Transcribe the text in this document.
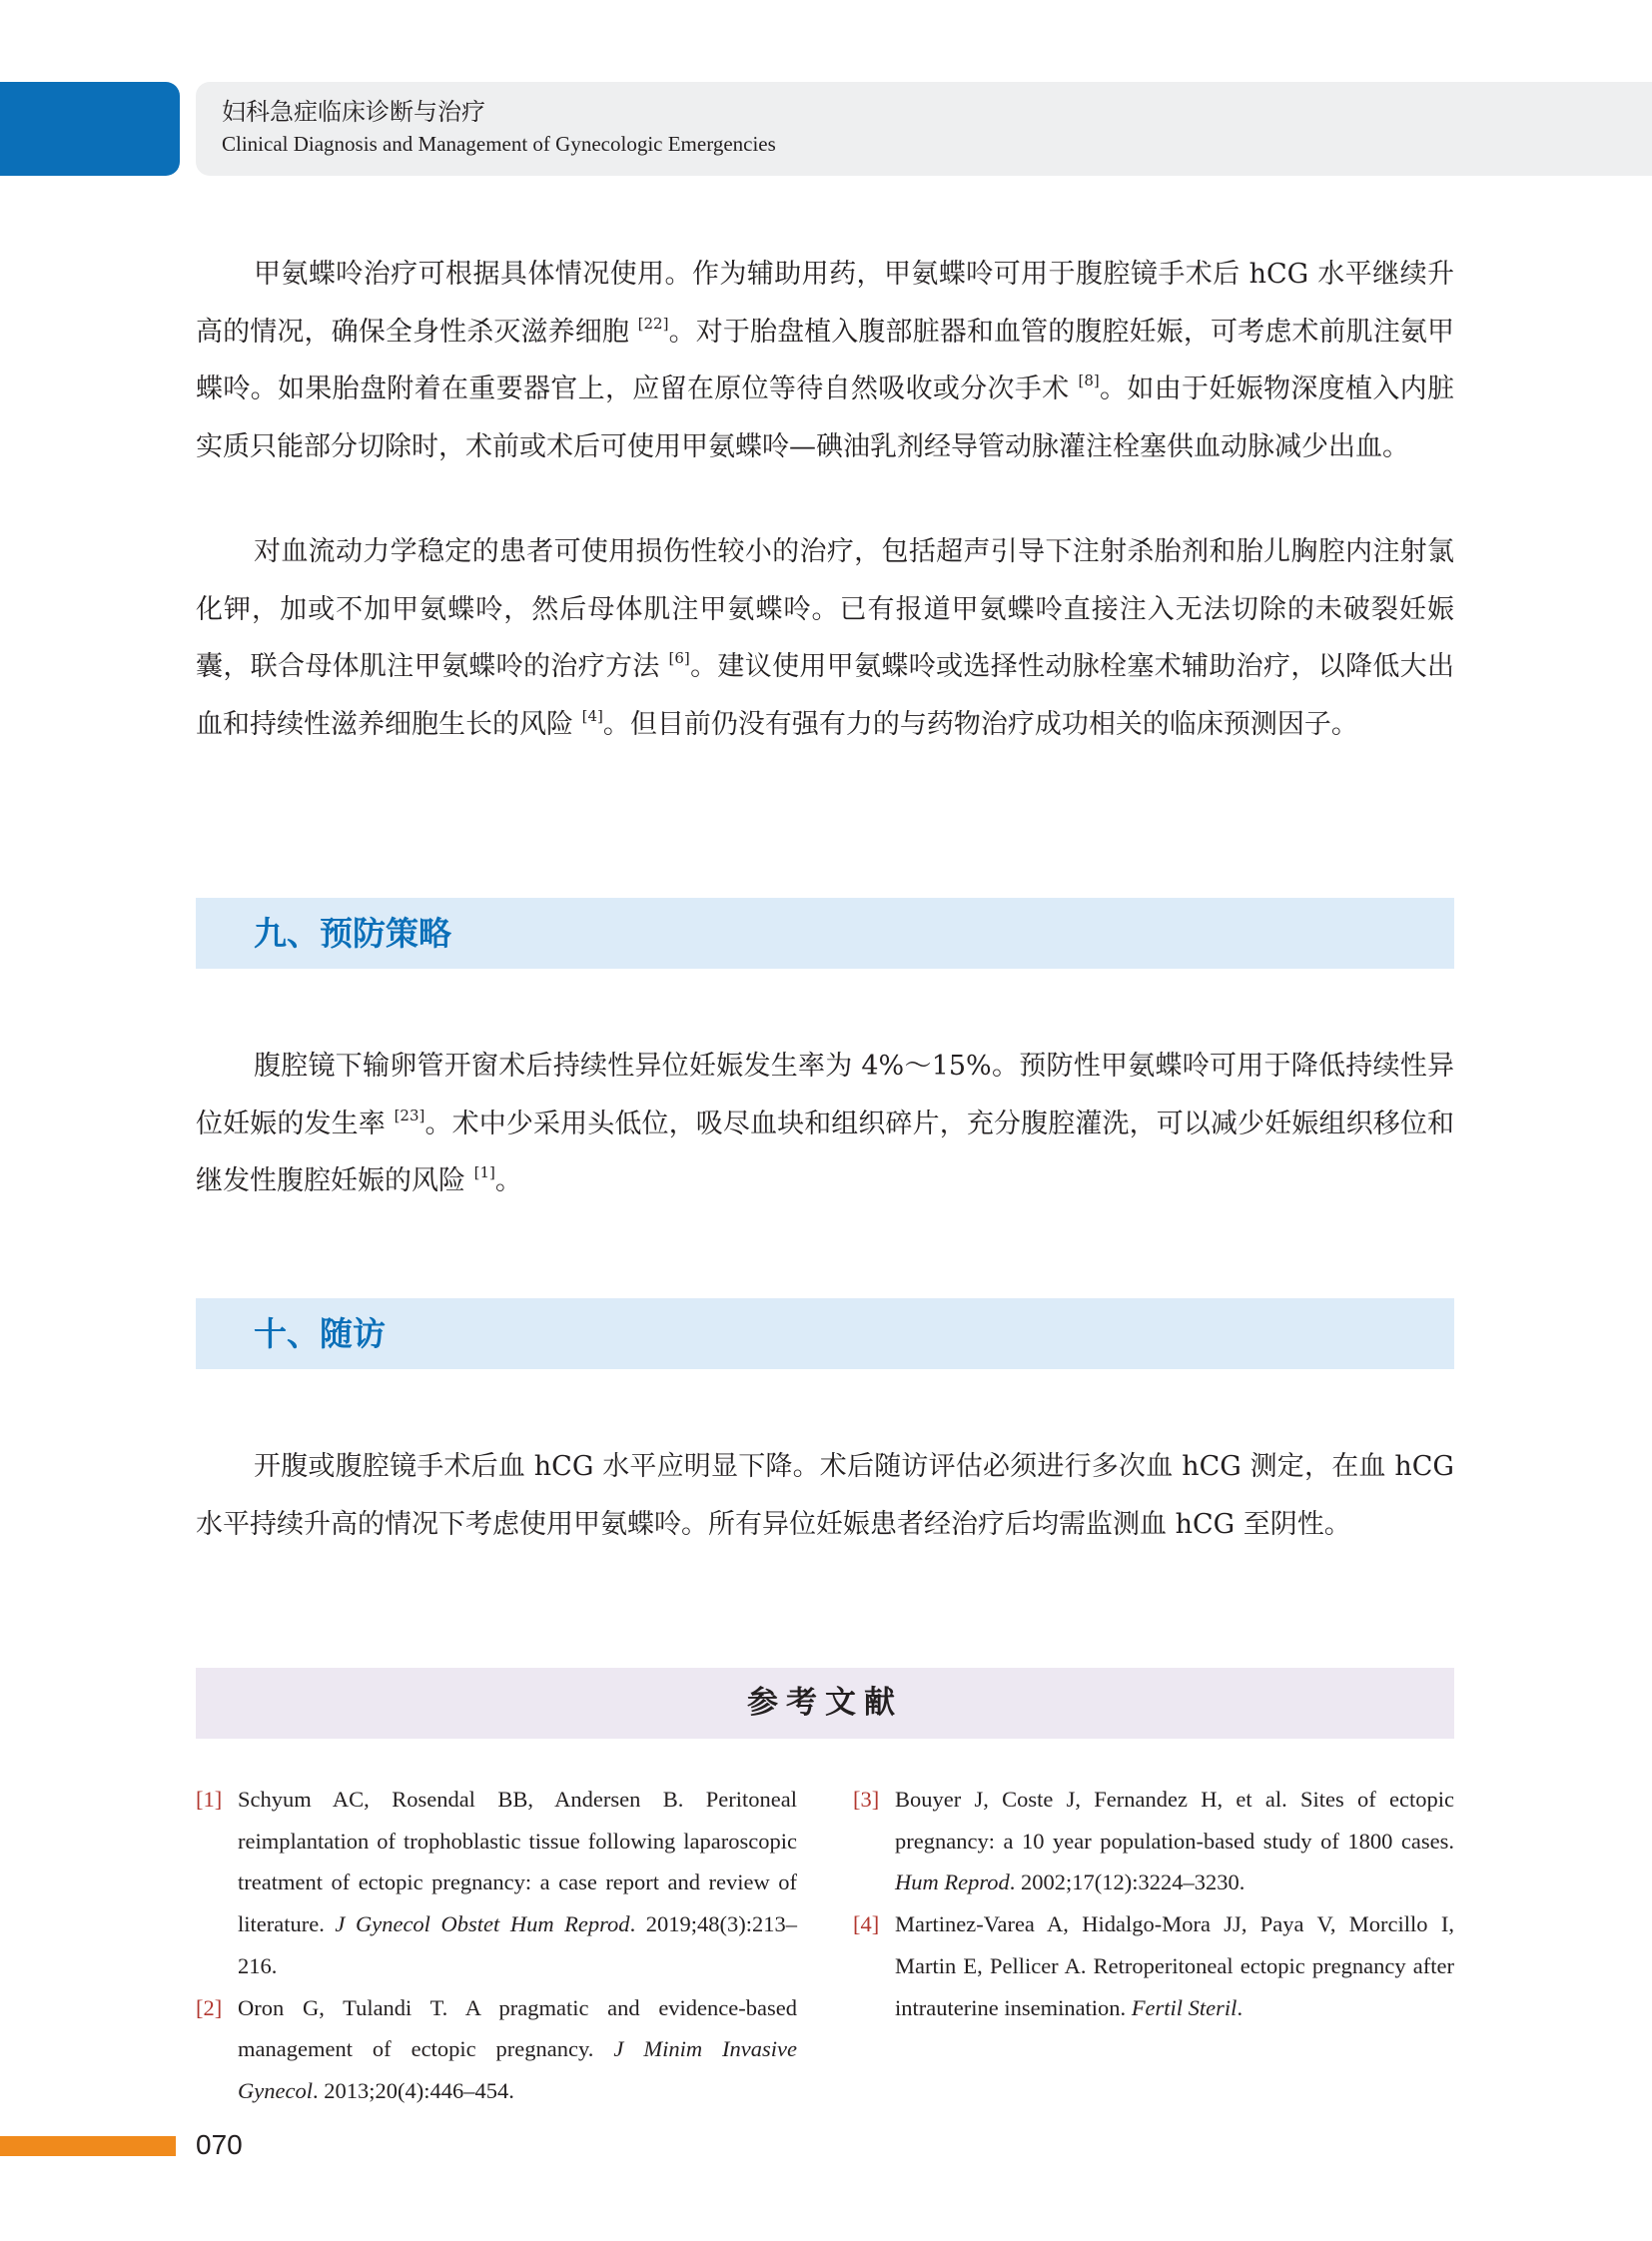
妇科急症临床诊断与治疗
Clinical Diagnosis and Management of Gynecologic Emergencies

甲氨蝶呤治疗可根据具体情况使用。作为辅助用药，甲氨蝶呤可用于腹腔镜手术后 hCG 水平继续升高的情况，确保全身性杀灭滋养细胞 [22]。对于胎盘植入腹部脏器和血管的腹腔妊娠，可考虑术前肌注氨甲蝶呤。如果胎盘附着在重要器官上，应留在原位等待自然吸收或分次手术 [8]。如由于妊娠物深度植入内脏实质只能部分切除时，术前或术后可使用甲氨蝶呤—碘油乳剂经导管动脉灌注栓塞供血动脉减少出血。

对血流动力学稳定的患者可使用损伤性较小的治疗，包括超声引导下注射杀胎剂和胎儿胸腔内注射氯化钾，加或不加甲氨蝶呤，然后母体肌注甲氨蝶呤。已有报道甲氨蝶呤直接注入无法切除的未破裂妊娠囊，联合母体肌注甲氨蝶呤的治疗方法 [6]。建议使用甲氨蝶呤或选择性动脉栓塞术辅助治疗，以降低大出血和持续性滋养细胞生长的风险 [4]。但目前仍没有强有力的与药物治疗成功相关的临床预测因子。

九、预防策略

腹腔镜下输卵管开窗术后持续性异位妊娠发生率为 4%～15%。预防性甲氨蝶呤可用于降低持续性异位妊娠的发生率 [23]。术中少采用头低位，吸尽血块和组织碎片，充分腹腔灌洗，可以减少妊娠组织移位和继发性腹腔妊娠的风险 [1]。

十、随访

开腹或腹腔镜手术后血 hCG 水平应明显下降。术后随访评估必须进行多次血 hCG 测定，在血 hCG 水平持续升高的情况下考虑使用甲氨蝶呤。所有异位妊娠患者经治疗后均需监测血 hCG 至阴性。

参考文献
[1] Schyum AC, Rosendal BB, Andersen B. Peritoneal reimplantation of trophoblastic tissue following laparoscopic treatment of ectopic pregnancy: a case report and review of literature. J Gynecol Obstet Hum Reprod. 2019;48(3):213–216.
[2] Oron G, Tulandi T. A pragmatic and evidence-based management of ectopic pregnancy. J Minim Invasive Gynecol. 2013;20(4):446–454.
[3] Bouyer J, Coste J, Fernandez H, et al. Sites of ectopic pregnancy: a 10 year population-based study of 1800 cases. Hum Reprod. 2002;17(12):3224–3230.
[4] Martinez-Varea A, Hidalgo-Mora JJ, Paya V, Morcillo I, Martin E, Pellicer A. Retroperitoneal ectopic pregnancy after intrauterine insemination. Fertil Steril.
070
